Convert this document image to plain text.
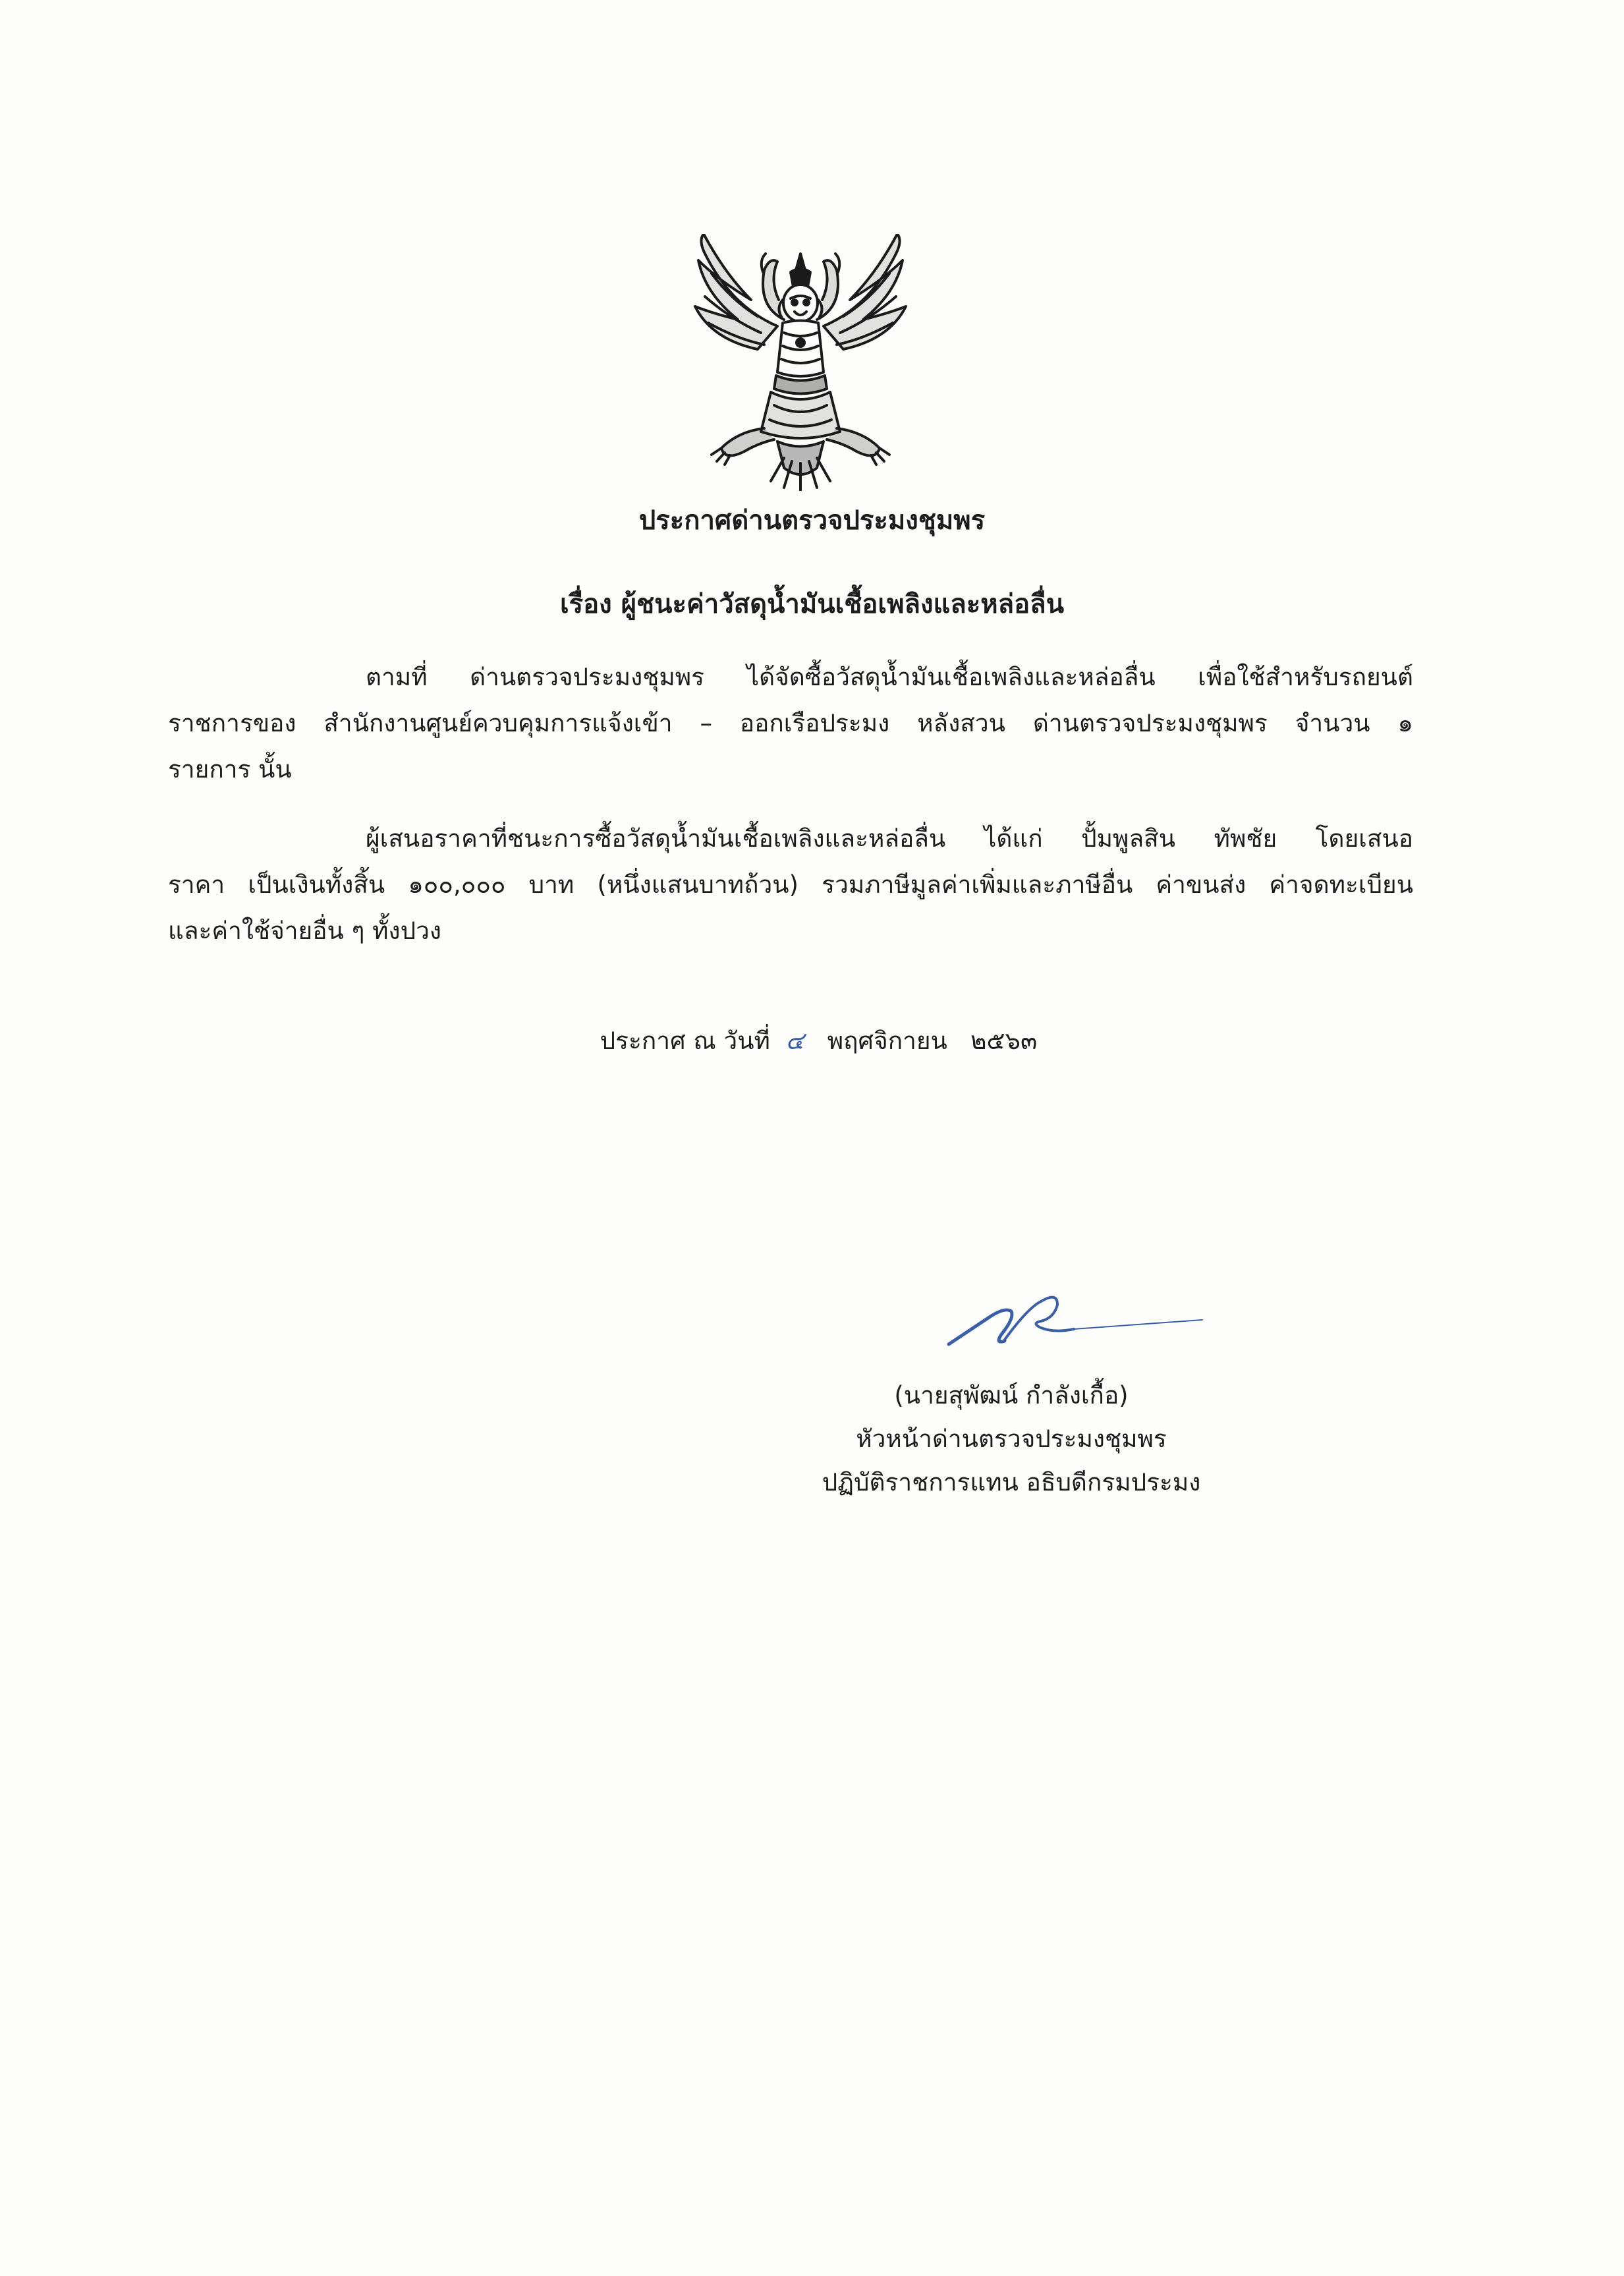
ประกาศด่านตรวจประมงชุมพร
เรื่อง ผู้ชนะค่าวัสดุน้ำมันเชื้อเพลิงและหล่อลื่น
ตามที่ ด่านตรวจประมงชุมพร ได้จัดซื้อวัสดุน้ำมันเชื้อเพลิงและหล่อลื่น เพื่อใช้สำหรับรถยนต์
ราชการของ สำนักงานศูนย์ควบคุมการแจ้งเข้า – ออกเรือประมง หลังสวน ด่านตรวจประมงชุมพร จำนวน ๑
รายการ นั้น
ผู้เสนอราคาที่ชนะการซื้อวัสดุน้ำมันเชื้อเพลิงและหล่อลื่น ได้แก่ ปั้มพูลสิน ทัพชัย โดยเสนอ
ราคา เป็นเงินทั้งสิ้น ๑๐๐,๐๐๐ บาท (หนึ่งแสนบาทถ้วน) รวมภาษีมูลค่าเพิ่มและภาษีอื่น ค่าขนส่ง ค่าจดทะเบียน
และค่าใช้จ่ายอื่น ๆ ทั้งปวง
ประกาศ ณ วันที่ ๔ พฤศจิกายน ๒๕๖๓
(นายสุพัฒน์ กำลังเกื้อ)
หัวหน้าด่านตรวจประมงชุมพร
ปฏิบัติราชการแทน อธิบดีกรมประมง
